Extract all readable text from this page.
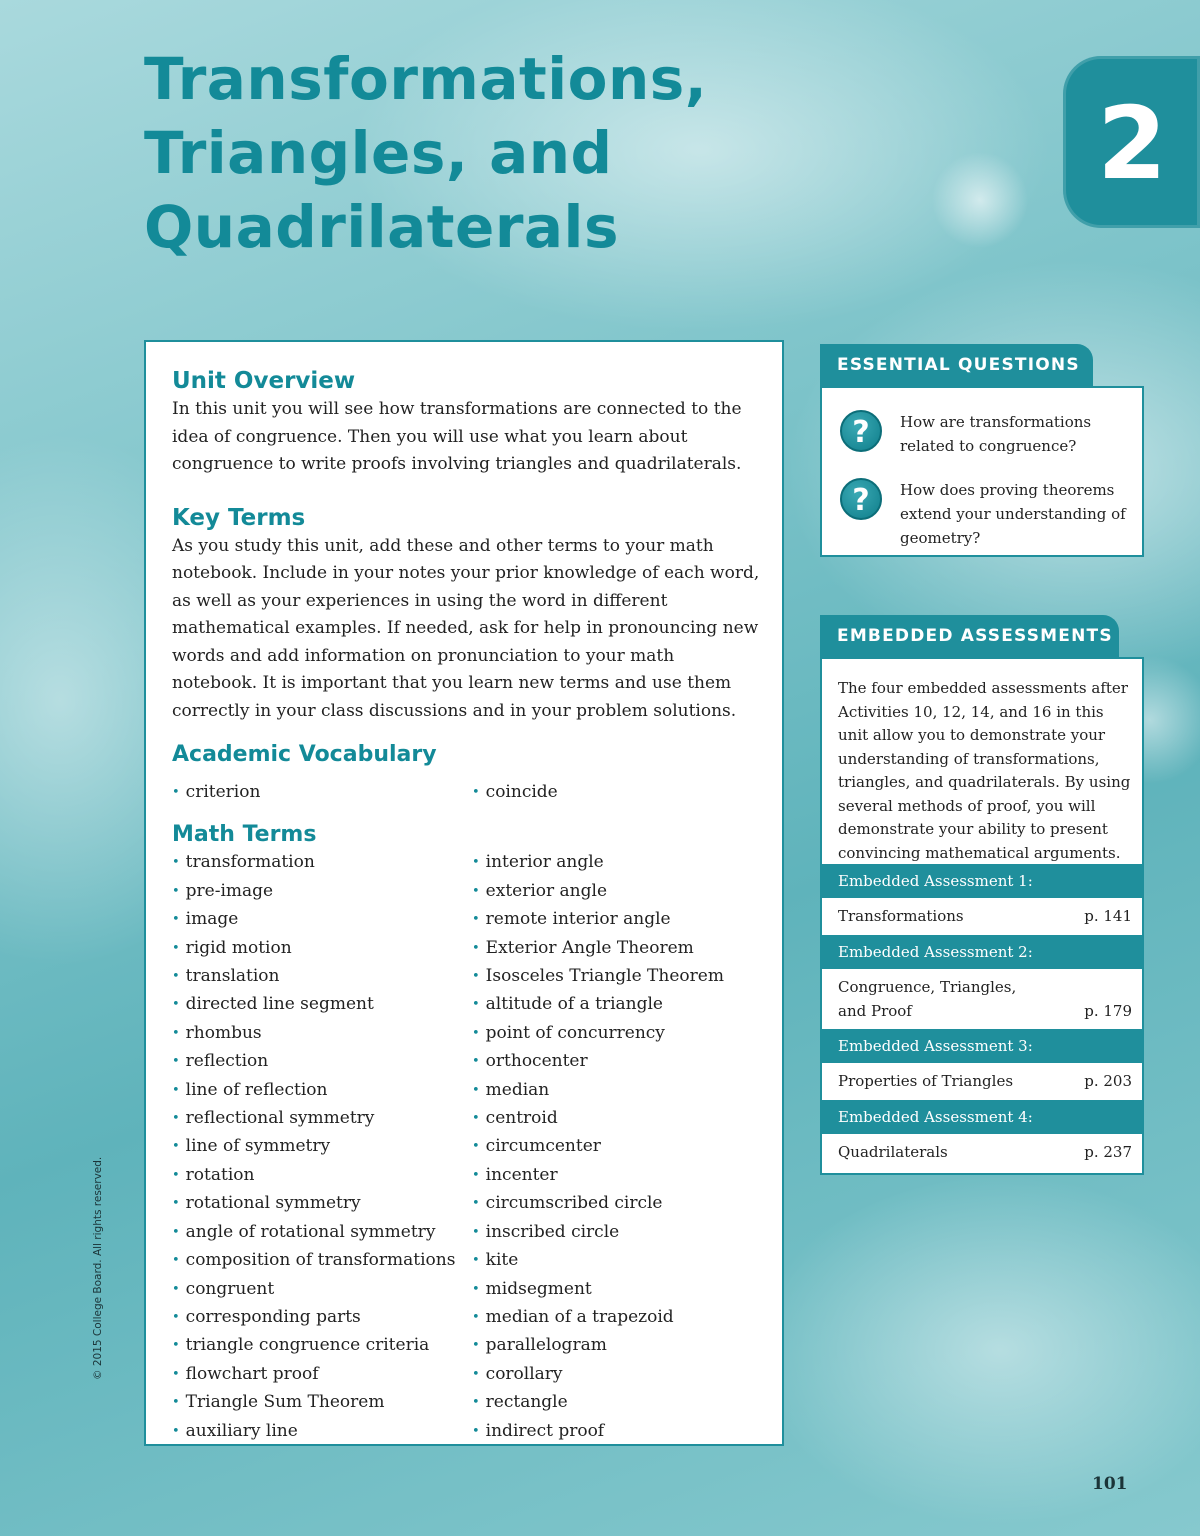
Transformations,
Triangles, and
Quadrilaterals
2
Unit Overview

In this unit you will see how transformations are connected to the idea of congruence. Then you will use what you learn about congruence to write proofs involving triangles and quadrilaterals.

Key Terms

As you study this unit, add these and other terms to your math notebook. Include in your notes your prior knowledge of each word, as well as your experiences in using the word in different mathematical examples. If needed, ask for help in pronouncing new words and add information on pronunciation to your math notebook. It is important that you learn new terms and use them correctly in your class discussions and in your problem solutions.

Academic Vocabulary
• criterion
•	coincide
Math Terms
• transformation
• pre-image
• image
• rigid motion
• translation
• directed line segment
• rhombus
• reflection
• line of reflection
• reflectional symmetry
• line of symmetry
• rotation
• rotational symmetry
• angle of rotational symmetry
• composition of transformations
• congruent
• corresponding parts
• triangle congruence criteria
• flowchart proof
• Triangle Sum Theorem
• auxiliary line
• interior angle
• exterior angle
• remote interior angle
• Exterior Angle Theorem
• Isosceles Triangle Theorem
• altitude of a triangle
• point of concurrency
• orthocenter
• median
• centroid
• circumcenter
• incenter
• circumscribed circle
• inscribed circle
• kite
• midsegment
• median of a trapezoid
• parallelogram
• corollary
• rectangle
• indirect proof
ESSENTIAL QUESTIONS
?	How are transformations related to congruence?
?	How does proving theorems extend your understanding of geometry?
EMBEDDED ASSESSMENTS

The four embedded assessments after Activities 10, 12, 14, and 16 in this unit allow you to demonstrate your understanding of transformations, triangles, and quadrilaterals. By using several methods of proof, you will demonstrate your ability to present convincing mathematical arguments.

Embedded Assessment 1:
Transformations	p. 141
Embedded Assessment 2:
Congruence, Triangles, and Proof	p. 179
Embedded Assessment 3:
Properties of Triangles	p. 203
Embedded Assessment 4:
Quadrilaterals	p. 237
© 2015 College Board. All rights reserved.
101
